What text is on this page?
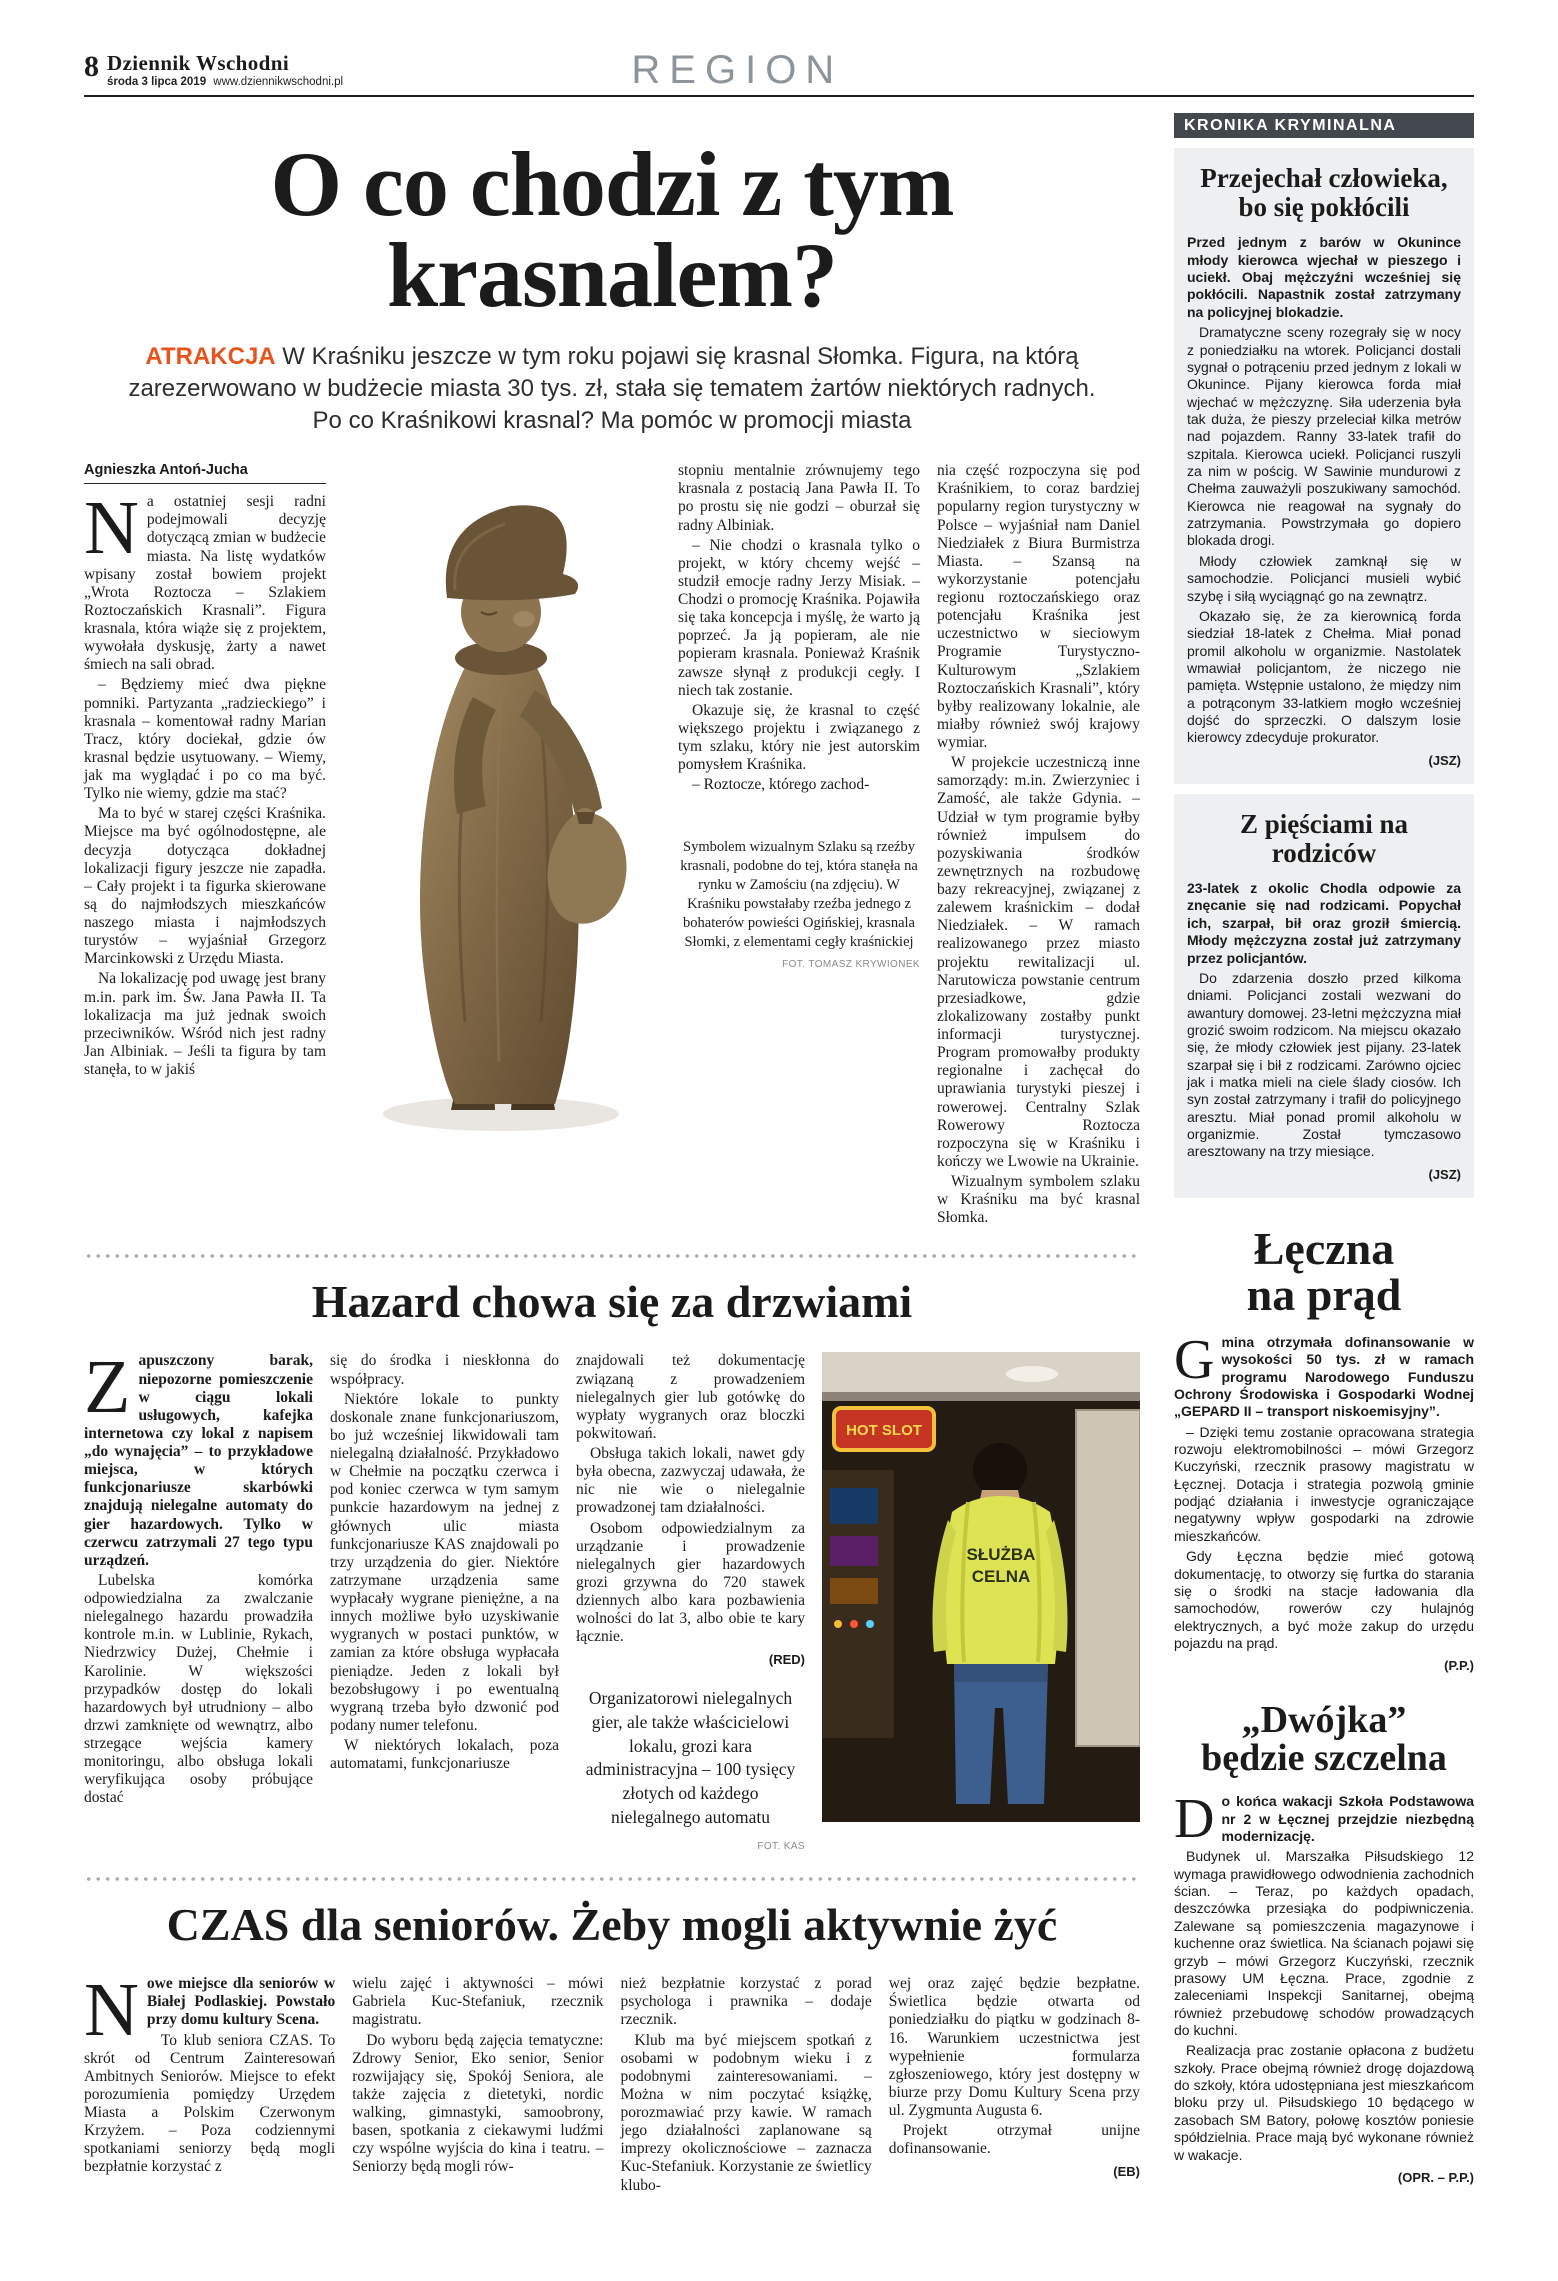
8 Dziennik Wschodni
środa 3 lipca 2019 www.dziennikwschodni.pl	REGION
O co chodzi z tym
krasnalem?

ATRAKCJA W Kraśniku jeszcze w tym roku pojawi się krasnal Słomka. Figura, na którą zarezerwowano w budżecie miasta 30 tys. zł, stała się tematem żartów niektórych radnych. Po co Kraśnikowi krasnal? Ma pomóc w promocji miasta

Agnieszka Antoń-Jucha
N a ostatniej sesji radni podejmowali decyzję dotyczącą zmian w budżecie miasta. Na listę wydatków wpisany został bowiem projekt „Wrota Roztocza – Szlakiem Roztoczańskich Krasnali”. Figura krasnala, która wiąże się z projektem, wywołała dyskusję, żarty a nawet śmiech na sali obrad.

– Będziemy mieć dwa piękne pomniki. Partyzanta „radzieckiego” i krasnala – komentował radny Marian Tracz, który dociekał, gdzie ów krasnal będzie usytuowany. – Wiemy, jak ma wyglądać i po co ma być. Tylko nie wiemy, gdzie ma stać?

Ma to być w starej części Kraśnika. Miejsce ma być ogólnodostępne, ale decyzja dotycząca dokładnej lokalizacji figury jeszcze nie zapadła. – Cały projekt i ta figurka skierowane są do najmłodszych mieszkańców naszego miasta i najmłodszych turystów – wyjaśniał Grzegorz Marcinkowski z Urzędu Miasta.

Na lokalizację pod uwagę jest brany m.in. park im. Św. Jana Pawła II. Ta lokalizacja ma już jednak swoich przeciwników. Wśród nich jest radny Jan Albiniak. – Jeśli ta figura by tam stanęła, to w jakiś

stopniu mentalnie zrównujemy tego krasnala z postacią Jana Pawła II. To po prostu się nie godzi – oburzał się radny Albiniak.

– Nie chodzi o krasnala tylko o projekt, w który chcemy wejść – studził emocje radny Jerzy Misiak. – Chodzi o promocję Kraśnika. Pojawiła się taka koncepcja i myślę, że warto ją poprzeć. Ja ją popieram, ale nie popieram krasnala. Ponieważ Kraśnik zawsze słynął z produkcji cegły. I niech tak zostanie.

Okazuje się, że krasnal to część większego projektu i związanego z tym szlaku, który nie jest autorskim pomysłem Kraśnika.

– Roztocze, którego zachod-

Symbolem wizualnym Szlaku są rzeźby krasnali, podobne do tej, która stanęła na rynku w Zamościu (na zdjęciu). W Kraśniku powstałaby rzeźba jednego z bohaterów powieści Ogińskiej, krasnala Słomki, z elementami cegły kraśnickiej
FOT. TOMASZ KRYWIONEK

nia część rozpoczyna się pod Kraśnikiem, to coraz bardziej popularny region turystyczny w Polsce – wyjaśniał nam Daniel Niedziałek z Biura Burmistrza Miasta. – Szansą na wykorzystanie potencjału regionu roztoczańskiego oraz potencjału Kraśnika jest uczestnictwo w sieciowym Programie Turystyczno-Kulturowym „Szlakiem Roztoczańskich Krasnali”, który byłby realizowany lokalnie, ale miałby również swój krajowy wymiar.

W projekcie uczestniczą inne samorządy: m.in. Zwierzyniec i Zamość, ale także Gdynia. – Udział w tym programie byłby również impulsem do pozyskiwania środków zewnętrznych na rozbudowę bazy rekreacyjnej, związanej z zalewem kraśnickim – dodał Niedziałek. – W ramach realizowanego przez miasto projektu rewitalizacji ul. Narutowicza powstanie centrum przesiadkowe, gdzie zlokalizowany zostałby punkt informacji turystycznej. Program promowałby produkty regionalne i zachęcał do uprawiania turystyki pieszej i rowerowej. Centralny Szlak Rowerowy Roztocza rozpoczyna się w Kraśniku i kończy we Lwowie na Ukrainie.

Wizualnym symbolem szlaku w Kraśniku ma być krasnal Słomka.

Hazard chowa się za drzwiami
Z apuszczony barak, niepozorne pomieszczenie w ciągu lokali usługowych, kafejka internetowa czy lokal z napisem „do wynajęcia” – to przykładowe miejsca, w których funkcjonariusze skarbówki znajdują nielegalne automaty do gier hazardowych. Tylko w czerwcu zatrzymali 27 tego typu urządzeń.

Lubelska komórka odpowiedzialna za zwalczanie nielegalnego hazardu prowadziła kontrole m.in. w Lublinie, Rykach, Niedrzwicy Dużej, Chełmie i Karolinie. W większości przypadków dostęp do lokali hazardowych był utrudniony – albo drzwi zamknięte od wewnątrz, albo strzegące wejścia kamery monitoringu, albo obsługa lokali weryfikująca osoby próbujące dostać

się do środka i nieskłonna do współpracy.

Niektóre lokale to punkty doskonale znane funkcjonariuszom, bo już wcześniej likwidowali tam nielegalną działalność. Przykładowo w Chełmie na początku czerwca i pod koniec czerwca w tym samym punkcie hazardowym na jednej z głównych ulic miasta funkcjonariusze KAS znajdowali po trzy urządzenia do gier. Niektóre zatrzymane urządzenia same wypłacały wygrane pieniężne, a na innych możliwe było uzyskiwanie wygranych w postaci punktów, w zamian za które obsługa wypłacała pieniądze. Jeden z lokali był bezobsługowy i po ewentualną wygraną trzeba było dzwonić pod podany numer telefonu.

W niektórych lokalach, poza automatami, funkcjonariusze

znajdowali też dokumentację związaną z prowadzeniem nielegalnych gier lub gotówkę do wypłaty wygranych oraz bloczki pokwitowań.

Obsługa takich lokali, nawet gdy była obecna, zazwyczaj udawała, że nic nie wie o nielegalnie prowadzonej tam działalności.

Osobom odpowiedzialnym za urządzanie i prowadzenie nielegalnych gier hazardowych grozi grzywna do 720 stawek dziennych albo kara pozbawienia wolności do lat 3, albo obie te kary łącznie.

(RED)
Organizatorowi nielegalnych gier, ale także właścicielowi lokalu, grozi kara administracyjna – 100 tysięcy złotych od każdego nielegalnego automatu
FOT. KAS
HOT SLOT
SŁUŻBA
CELNA
CZAS dla seniorów. Żeby mogli aktywnie żyć
N owe miejsce dla seniorów w Białej Podlaskiej. Powstało przy domu kultury Scena.

To klub seniora CZAS. To skrót od Centrum Zainteresowań Ambitnych Seniorów. Miejsce to efekt porozumienia pomiędzy Urzędem Miasta a Polskim Czerwonym Krzyżem. – Poza codziennymi spotkaniami seniorzy będą mogli bezpłatnie korzystać z

wielu zajęć i aktywności – mówi Gabriela Kuc-Stefaniuk, rzecznik magistratu.

Do wyboru będą zajęcia tematyczne: Zdrowy Senior, Eko senior, Senior rozwijający się, Spokój Seniora, ale także zajęcia z dietetyki, nordic walking, gimnastyki, samoobrony, basen, spotkania z ciekawymi ludźmi czy wspólne wyjścia do kina i teatru. – Seniorzy będą mogli rów-

nież bezpłatnie korzystać z porad psychologa i prawnika – dodaje rzecznik.

Klub ma być miejscem spotkań z osobami w podobnym wieku i z podobnymi zainteresowaniami. – Można w nim poczytać książkę, porozmawiać przy kawie. W ramach jego działalności zaplanowane są imprezy okolicznościowe – zaznacza Kuc-Stefaniuk. Korzystanie ze świetlicy klubo-

wej oraz zajęć będzie bezpłatne. Świetlica będzie otwarta od poniedziałku do piątku w godzinach 8-16. Warunkiem uczestnictwa jest wypełnienie formularza zgłoszeniowego, który jest dostępny w biurze przy Domu Kultury Scena przy ul. Zygmunta Augusta 6.

Projekt otrzymał unijne dofinansowanie.

(EB)
KRONIKA KRYMINALNA
Przejechał człowieka, bo się pokłócili

Przed jednym z barów w Okunince młody kierowca wjechał w pieszego i uciekł. Obaj mężczyźni wcześniej się pokłócili. Napastnik został zatrzymany na policyjnej blokadzie.

Dramatyczne sceny rozegrały się w nocy z poniedziałku na wtorek. Policjanci dostali sygnał o potrąceniu przed jednym z lokali w Okunince. Pijany kierowca forda miał wjechać w mężczyznę. Siła uderzenia była tak duża, że pieszy przeleciał kilka metrów nad pojazdem. Ranny 33-latek trafił do szpitala. Kierowca uciekł. Policjanci ruszyli za nim w pościg. W Sawinie mundurowi z Chełma zauważyli poszukiwany samochód. Kierowca nie reagował na sygnały do zatrzymania. Powstrzymała go dopiero blokada drogi.

Młody człowiek zamknął się w samochodzie. Policjanci musieli wybić szybę i siłą wyciągnąć go na zewnątrz.

Okazało się, że za kierownicą forda siedział 18-latek z Chełma. Miał ponad promil alkoholu w organizmie. Nastolatek wmawiał policjantom, że niczego nie pamięta. Wstępnie ustalono, że między nim a potrąconym 33-latkiem mogło wcześniej dojść do sprzeczki. O dalszym losie kierowcy zdecyduje prokurator.

(JSZ)
Z pięściami na rodziców

23-latek z okolic Chodla odpowie za znęcanie się nad rodzicami. Popychał ich, szarpał, bił oraz groził śmiercią. Młody mężczyzna został już zatrzymany przez policjantów.

Do zdarzenia doszło przed kilkoma dniami. Policjanci zostali wezwani do awantury domowej. 23-letni mężczyzna miał grozić swoim rodzicom. Na miejscu okazało się, że młody człowiek jest pijany. 23-latek szarpał się i bił z rodzicami. Zarówno ojciec jak i matka mieli na ciele ślady ciosów. Ich syn został zatrzymany i trafił do policyjnego aresztu. Miał ponad promil alkoholu w organizmie. Został tymczasowo aresztowany na trzy miesiące.

(JSZ)
Łęczna
na prąd
G mina otrzymała dofinansowanie w wysokości 50 tys. zł w ramach programu Narodowego Funduszu Ochrony Środowiska i Gospodarki Wodnej „GEPARD II – transport niskoemisyjny”.

– Dzięki temu zostanie opracowana strategia rozwoju elektromobilności – mówi Grzegorz Kuczyński, rzecznik prasowy magistratu w Łęcznej. Dotacja i strategia pozwolą gminie podjąć działania i inwestycje ograniczające negatywny wpływ gospodarki na zdrowie mieszkańców.

Gdy Łęczna będzie mieć gotową dokumentację, to otworzy się furtka do starania się o środki na stacje ładowania dla samochodów, rowerów czy hulajnóg elektrycznych, a być może zakup do urzędu pojazdu na prąd.

(P.P.)
„Dwójka”
będzie szczelna
D o końca wakacji Szkoła Podstawowa nr 2 w Łęcznej przejdzie niezbędną modernizację.

Budynek ul. Marszałka Piłsudskiego 12 wymaga prawidłowego odwodnienia zachodnich ścian. – Teraz, po każdych opadach, deszczówka przesiąka do podpiwniczenia. Zalewane są pomieszczenia magazynowe i kuchenne oraz świetlica. Na ścianach pojawi się grzyb – mówi Grzegorz Kuczyński, rzecznik prasowy UM Łęczna. Prace, zgodnie z zaleceniami Inspekcji Sanitarnej, obejmą również przebudowę schodów prowadzących do kuchni.

Realizacja prac zostanie opłacona z budżetu szkoły. Prace obejmą również drogę dojazdową do szkoły, która udostępniana jest mieszkańcom bloku przy ul. Piłsudskiego 10 będącego w zasobach SM Batory, połowę kosztów poniesie spółdzielnia. Prace mają być wykonane również w wakacje.

(OPR. – P.P.)
